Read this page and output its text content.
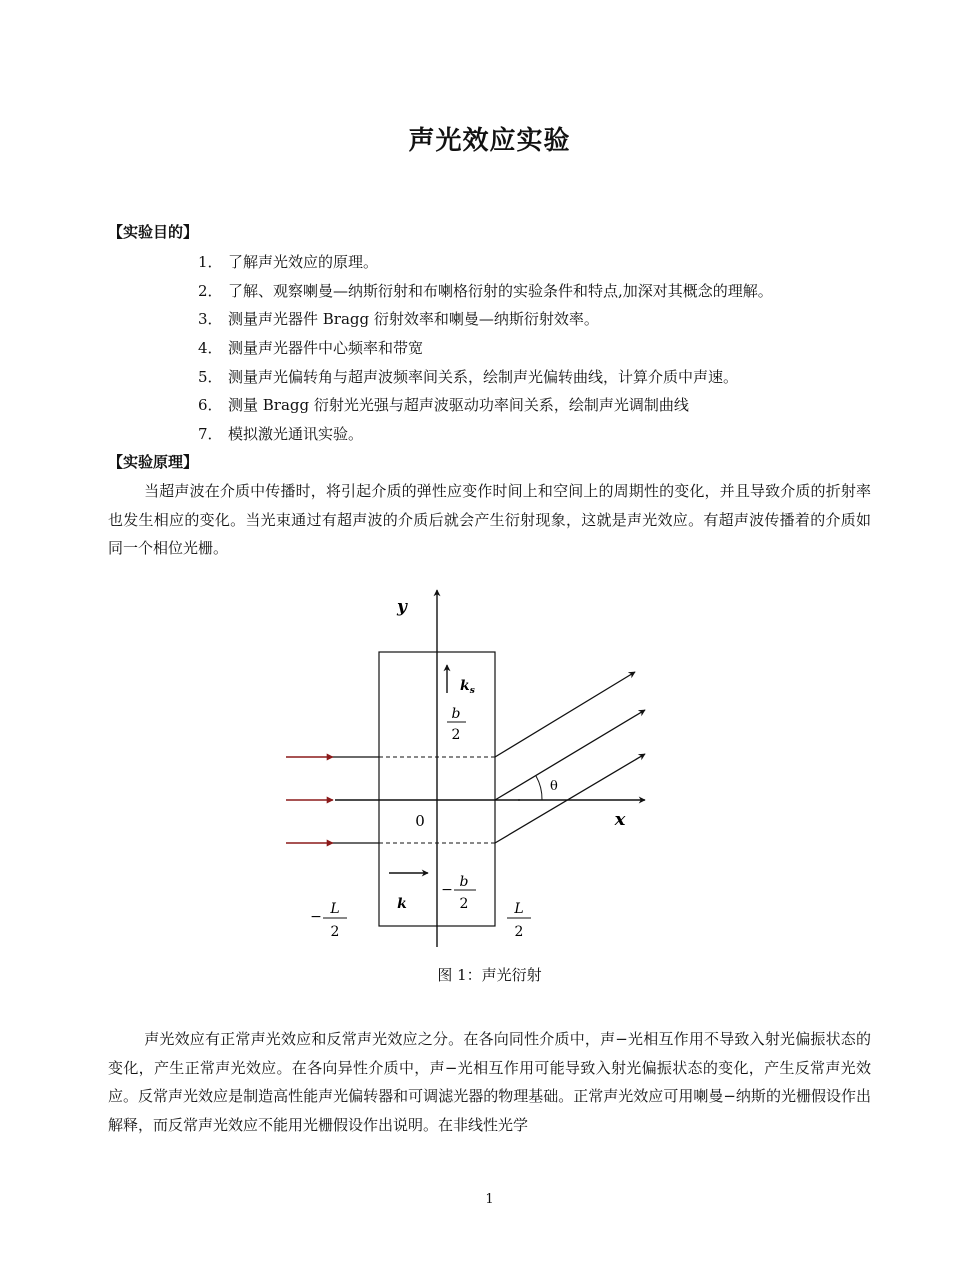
声光效应实验
【实验目的】
1． 了解声光效应的原理。
2． 了解、观察喇曼—纳斯衍射和布喇格衍射的实验条件和特点,加深对其概念的理解。
3． 测量声光器件 Bragg 衍射效率和喇曼—纳斯衍射效率。
4． 测量声光器件中心频率和带宽
5． 测量声光偏转角与超声波频率间关系，绘制声光偏转曲线，计算介质中声速。
6． 测量 Bragg 衍射光光强与超声波驱动功率间关系，绘制声光调制曲线
7． 模拟激光通讯实验。
【实验原理】

当超声波在介质中传播时，将引起介质的弹性应变作时间上和空间上的周期性的变化，并且导致介质的折射率也发生相应的变化。当光束通过有超声波的介质后就会产生衍射现象，这就是声光效应。有超声波传播着的介质如同一个相位光栅。

θ
$k_s$
b
2
0
y
x
k
− b
2
− L
2
L
2
图 1：声光衍射

声光效应有正常声光效应和反常声光效应之分。在各向同性介质中，声−光相互作用不导致入射光偏振状态的变化，产生正常声光效应。在各向异性介质中，声−光相互作用可能导致入射光偏振状态的变化，产生反常声光效应。反常声光效应是制造高性能声光偏转器和可调滤光器的物理基础。正常声光效应可用喇曼−纳斯的光栅假设作出解释，而反常声光效应不能用光栅假设作出说明。在非线性光学

1
